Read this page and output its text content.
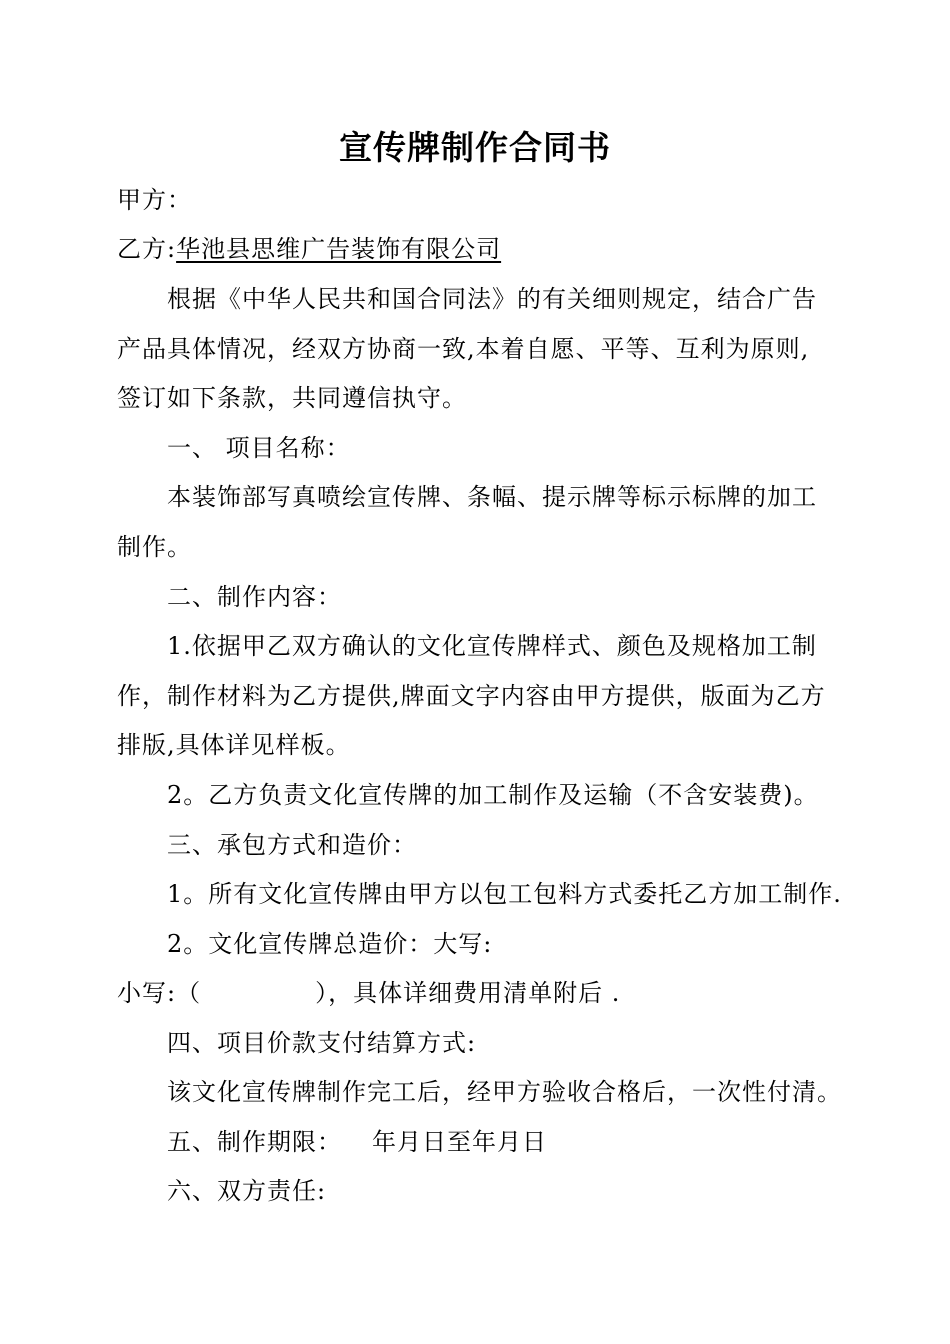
宣传牌制作合同书
甲方：
乙方:华池县思维广告装饰有限公司
根据《中华人民共和国合同法》的有关细则规定，结合广告
产品具体情况，经双方协商一致,本着自愿、平等、互利为原则,
签订如下条款，共同遵信执守。
一、 项目名称：
本装饰部写真喷绘宣传牌、条幅、提示牌等标示标牌的加工
制作。
二、制作内容：
1.依据甲乙双方确认的文化宣传牌样式、颜色及规格加工制
作，制作材料为乙方提供,牌面文字内容由甲方提供，版面为乙方
排版,具体详见样板。
2。乙方负责文化宣传牌的加工制作及运输（不含安装费)。
三、承包方式和造价：
1。所有文化宣传牌由甲方以包工包料方式委托乙方加工制作.
2。文化宣传牌总造价：大写:
小写:（	），具体详细费用清单附后 .
四、项目价款支付结算方式:
该文化宣传牌制作完工后，经甲方验收合格后，一次性付清。
五、制作期限： 年月日至年月日
六、双方责任:
